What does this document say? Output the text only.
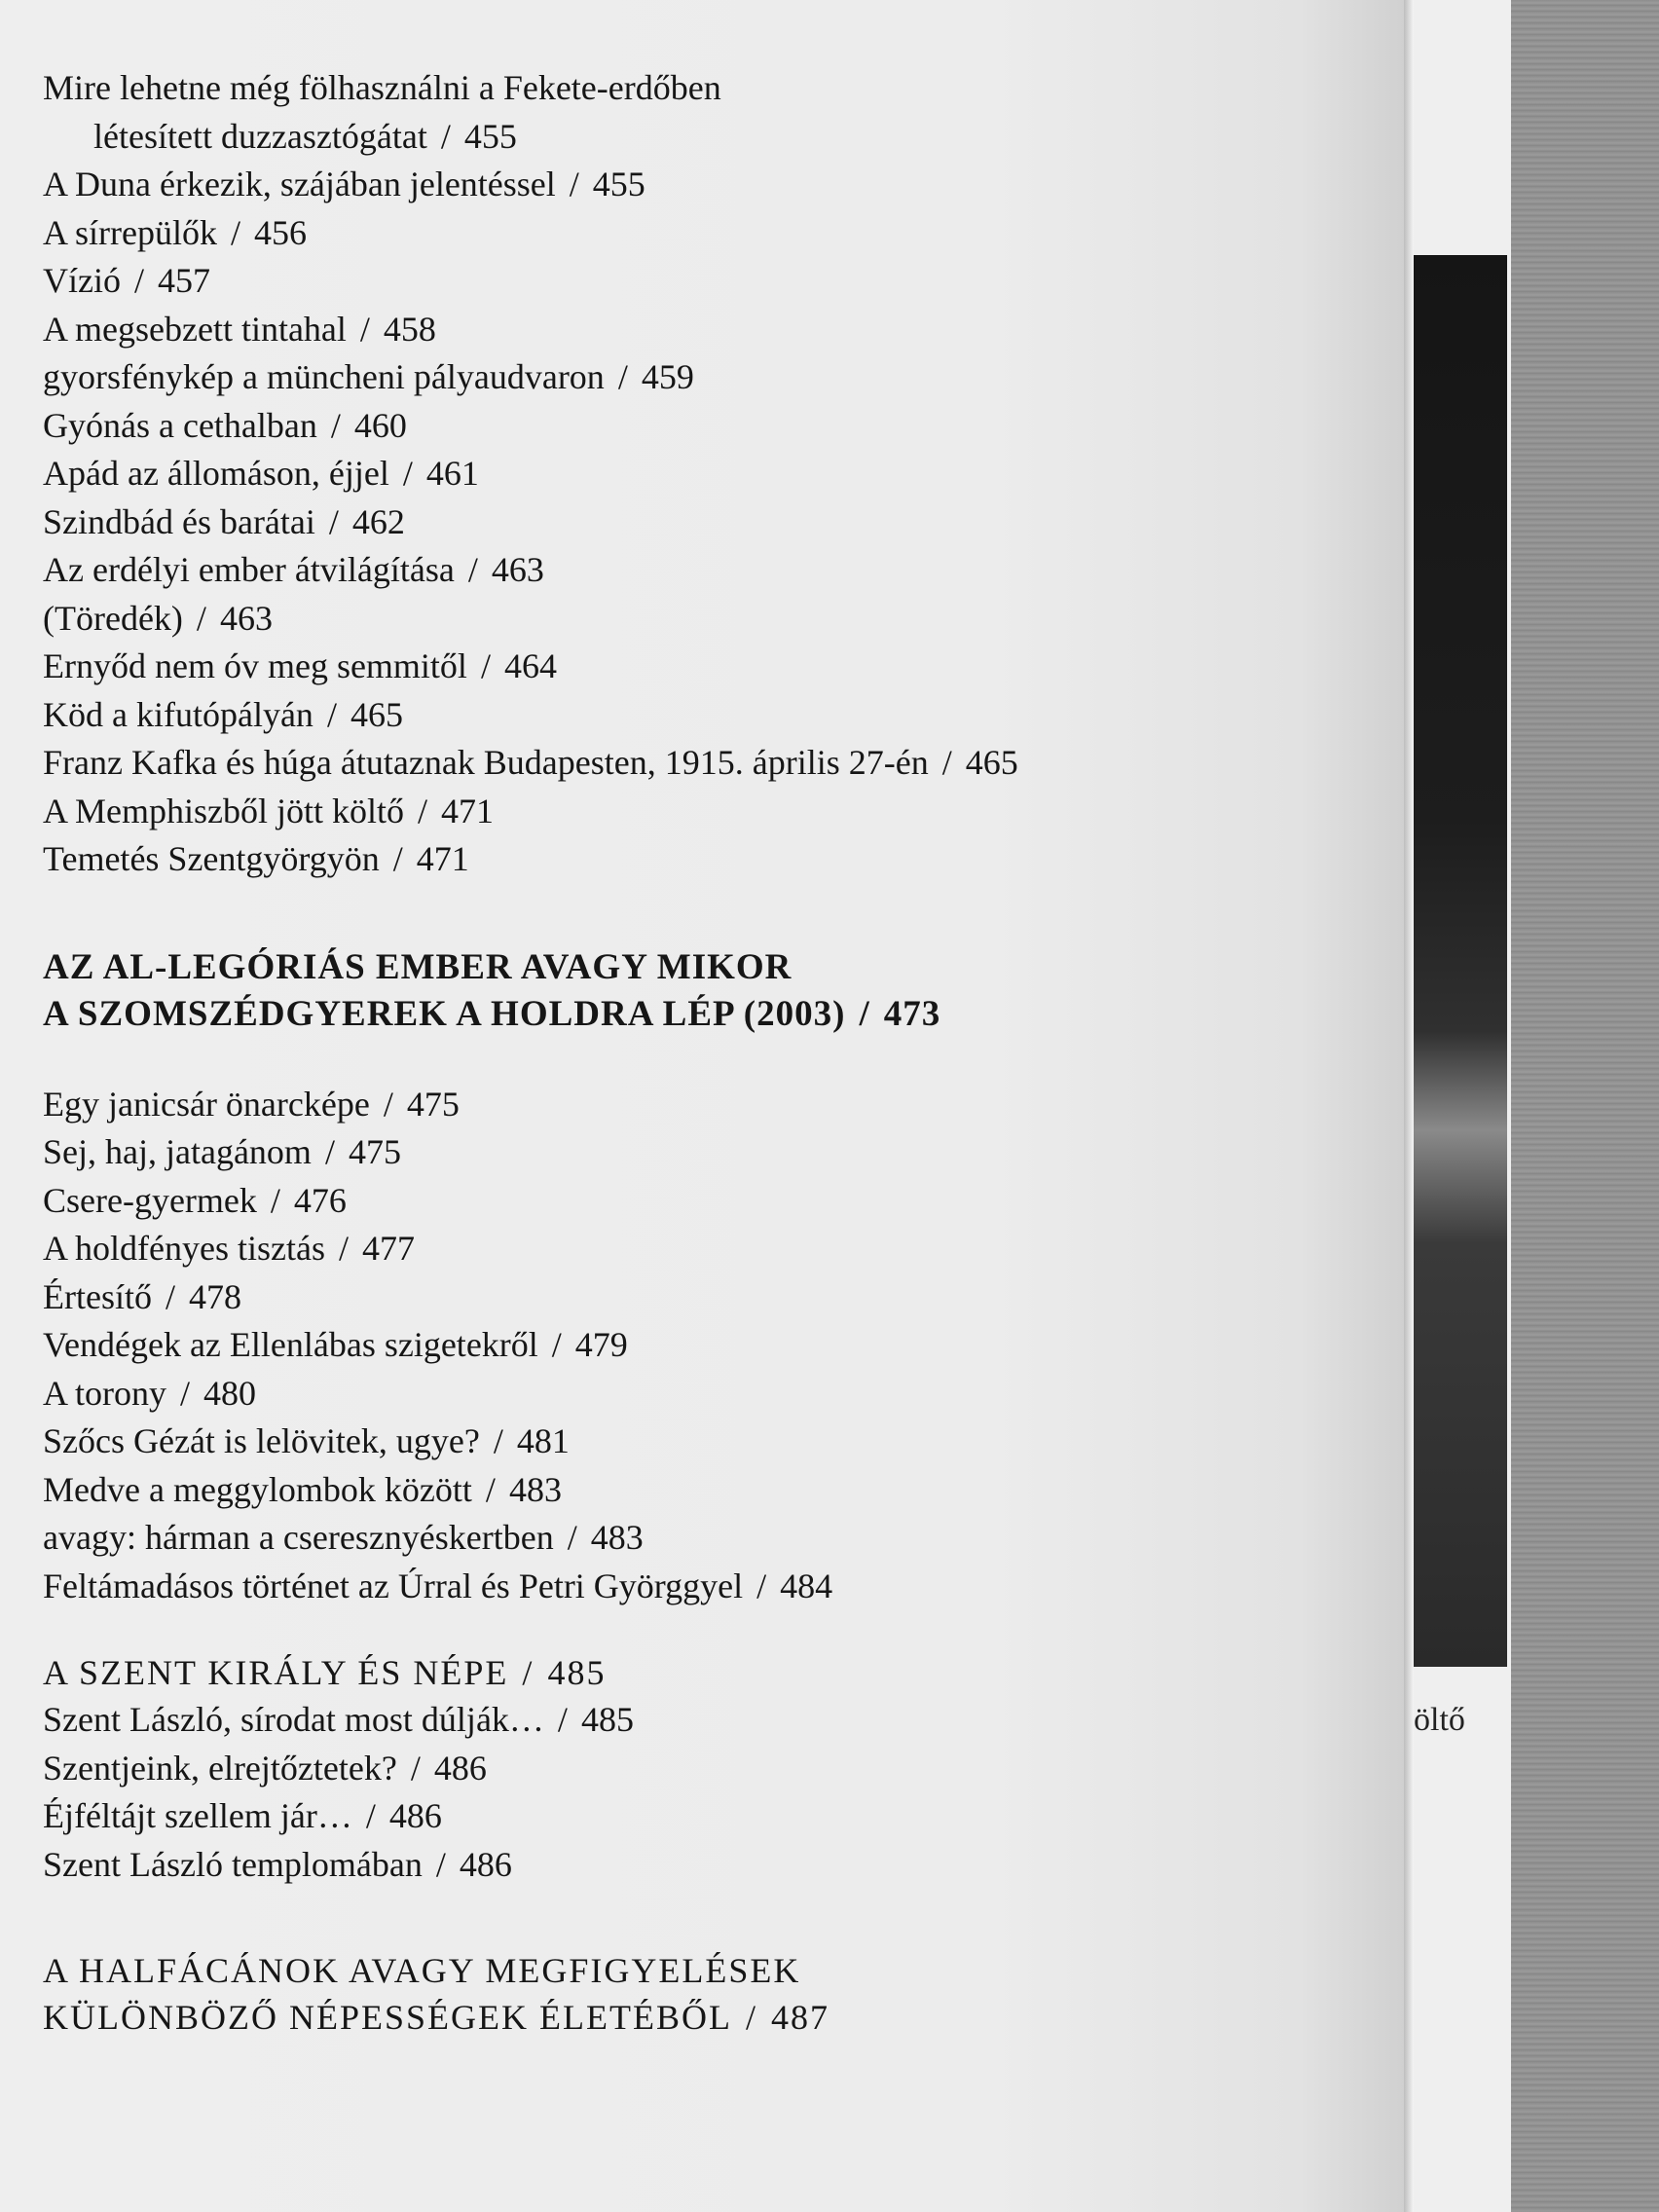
öltő

Mire lehetne még fölhasználni a Fekete-erdőben
létesített duzzasztógátat / 455
A Duna érkezik, szájában jelentéssel / 455
A sírrepülők / 456
Vízió / 457
A megsebzett tintahal / 458
gyorsfénykép a müncheni pályaudvaron / 459
Gyónás a cethalban / 460
Apád az állomáson, éjjel / 461
Szindbád és barátai / 462
Az erdélyi ember átvilágítása / 463
(Töredék) / 463
Ernyőd nem óv meg semmitől / 464
Köd a kifutópályán / 465
Franz Kafka és húga átutaznak Budapesten, 1915. április 27-én / 465
A Memphiszből jött költő / 471
Temetés Szentgyörgyön / 471
AZ AL-LEGÓRIÁS EMBER AVAGY MIKOR
A SZOMSZÉDGYEREK A HOLDRA LÉP (2003) / 473
Egy janicsár önarcképe / 475
Sej, haj, jatagánom / 475
Csere-gyermek / 476
A holdfényes tisztás / 477
Értesítő / 478
Vendégek az Ellenlábas szigetekről / 479
A torony / 480
Szőcs Gézát is lelövitek, ugye? / 481
Medve a meggylombok között / 483
avagy: hárman a cseresznyéskertben / 483
Feltámadásos történet az Úrral és Petri Györggyel / 484
A SZENT KIRÁLY ÉS NÉPE / 485
Szent László, sírodat most dúlják… / 485
Szentjeink, elrejtőztetek? / 486
Éjféltájt szellem jár… / 486
Szent László templomában / 486
A HALFÁCÁNOK AVAGY MEGFIGYELÉSEK
KÜLÖNBÖZŐ NÉPESSÉGEK ÉLETÉBŐL / 487
